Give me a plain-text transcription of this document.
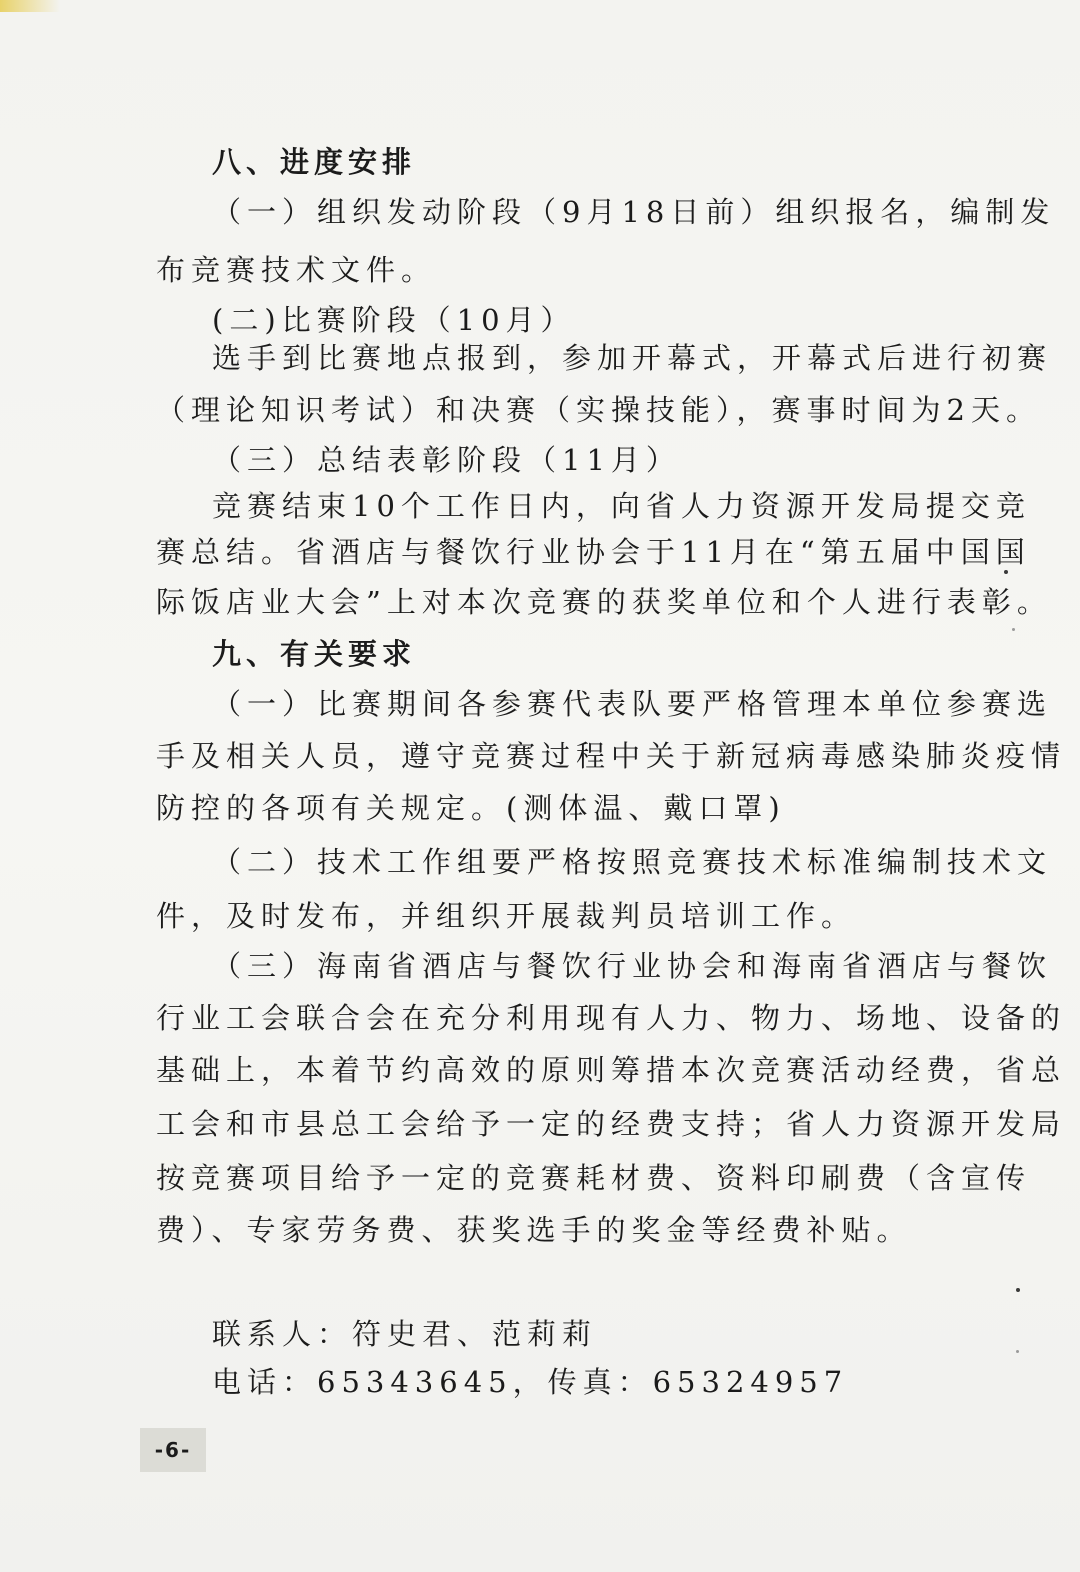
八、进度安排
（一）组织发动阶段（9月18日前）组织报名，编制发
布竞赛技术文件。
(二)比赛阶段（10月）
选手到比赛地点报到，参加开幕式，开幕式后进行初赛
（理论知识考试）和决赛（实操技能），赛事时间为2天。
（三）总结表彰阶段（11月）
竞赛结束10个工作日内，向省人力资源开发局提交竞
赛总结。省酒店与餐饮行业协会于11月在“第五届中国国
际饭店业大会”上对本次竞赛的获奖单位和个人进行表彰。
九、有关要求
（一）比赛期间各参赛代表队要严格管理本单位参赛选
手及相关人员，遵守竞赛过程中关于新冠病毒感染肺炎疫情
防控的各项有关规定。(测体温、戴口罩)
（二）技术工作组要严格按照竞赛技术标准编制技术文
件，及时发布，并组织开展裁判员培训工作。
（三）海南省酒店与餐饮行业协会和海南省酒店与餐饮
行业工会联合会在充分利用现有人力、物力、场地、设备的
基础上，本着节约高效的原则筹措本次竞赛活动经费，省总
工会和市县总工会给予一定的经费支持；省人力资源开发局
按竞赛项目给予一定的竞赛耗材费、资料印刷费（含宣传
费）、专家劳务费、获奖选手的奖金等经费补贴。
联系人：符史君、范莉莉
电话：65343645，传真：65324957
-6-
